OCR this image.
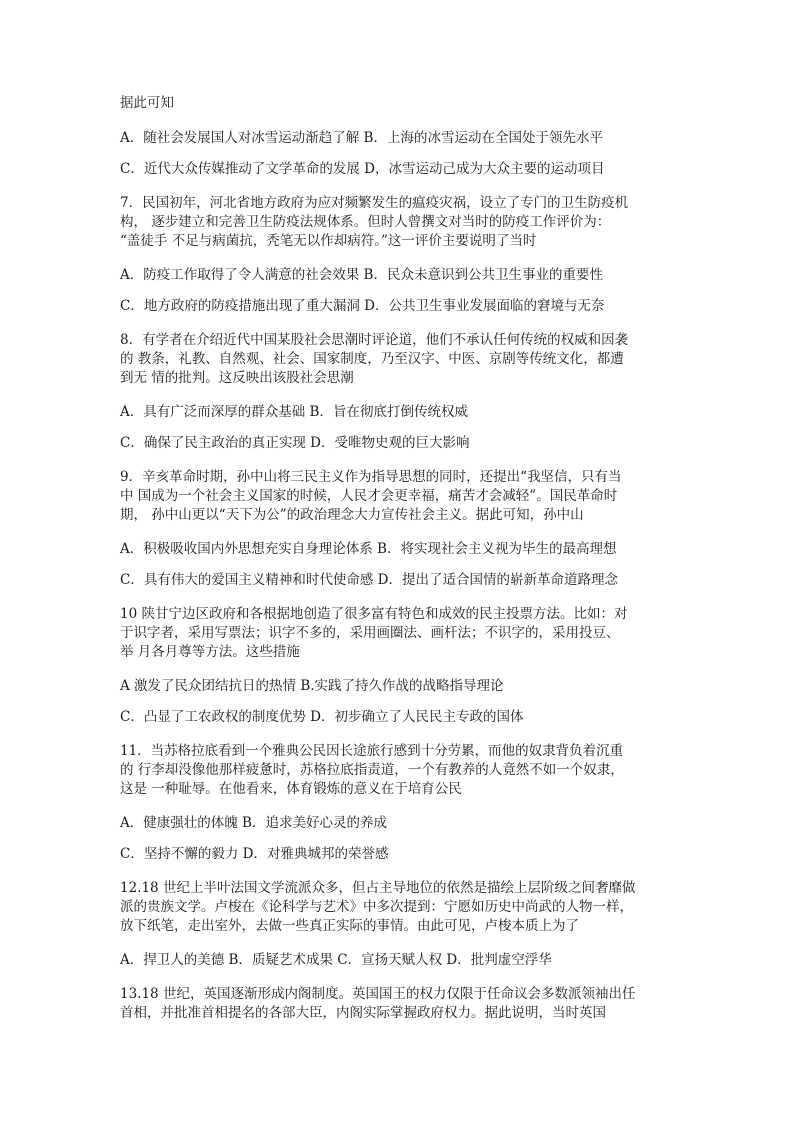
据此可知
A．随社会发展国人对冰雪运动渐趋了解 B．上海的冰雪运动在全国处于领先水平
C．近代大众传媒推动了文学革命的发展 D，冰雪运动己成为大众主要的运动项目
7．民国初年，河北省地方政府为应对频繁发生的瘟疫灾祸，设立了专门的卫生防疫机
构， 逐步建立和完善卫生防疫法规体系。但时人曾撰文对当时的防疫工作评价为：
“盖徒手 不足与病菌抗，秃笔无以作却病符。”这一评价主要说明了当时
A．防疫工作取得了令人满意的社会效果 B．民众未意识到公共卫生事业的重要性
C．地方政府的防疫措施出现了重大漏洞 D．公共卫生事业发展面临的窘境与无奈
8．有学者在介绍近代中国某股社会思潮时评论道，他们不承认任何传统的权威和因袭
的 教条，礼教、自然观、社会、国家制度，乃至汉字、中医、京剧等传统文化，都遭
到无 情的批判。这反映出该股社会思潮
A．具有广泛而深厚的群众基础 B．旨在彻底打倒传统权威
C．确保了民主政治的真正实现 D．受唯物史观的巨大影响
9．辛亥革命时期，孙中山将三民主义作为指导思想的同时，还提出“我坚信，只有当
中 国成为一个社会主义国家的时候，人民才会更幸福，痛苦才会减轻”。国民革命时
期， 孙中山更以“天下为公”的政治理念大力宣传社会主义。据此可知，孙中山
A．积极吸收国内外思想充实自身理论体系 B．将实现社会主义视为毕生的最高理想
C．具有伟大的爱国主义精神和时代使命感 D．提出了适合国情的崭新革命道路理念
10 陕甘宁边区政府和各根据地创造了很多富有特色和成效的民主投票方法。比如：对
于识字者，采用写票法；识字不多的，采用画圈法、画杆法；不识字的，采用投豆、
举 月各月尊等方法。这些措施
A 激发了民众团结抗日的热情 B.实践了持久作战的战略指导理论
C．凸显了工农政权的制度优势 D．初步确立了人民民主专政的国体
11．当苏格拉底看到一个雅典公民因长途旅行感到十分劳累，而他的奴隶背负着沉重
的 行李却没像他那样疲惫时，苏格拉底指责道，一个有教养的人竟然不如一个奴隶，
这是 一种耻辱。在他看来，体育锻炼的意义在于培育公民
A．健康强壮的体魄 B．追求美好心灵的养成
C．坚持不懈的毅力 D．对雅典城邦的荣誉感
12.18 世纪上半叶法国文学流派众多，但占主导地位的依然是描绘上层阶级之间奢靡做
派的贵族文学。卢梭在《论科学与艺术》中多次提到：宁愿如历史中尚武的人物一样，
放下纸笔，走出室外，去做一些真正实际的事情。由此可见，卢梭本质上为了
A．捍卫人的美德 B．质疑艺术成果 C．宣扬天赋人权 D．批判虚空浮华
13.18 世纪，英国逐渐形成内阁制度。英国国王的权力仅限于任命议会多数派领袖出任
首相，并批准首相提名的各部大臣，内阁实际掌握政府权力。据此说明，当时英国
